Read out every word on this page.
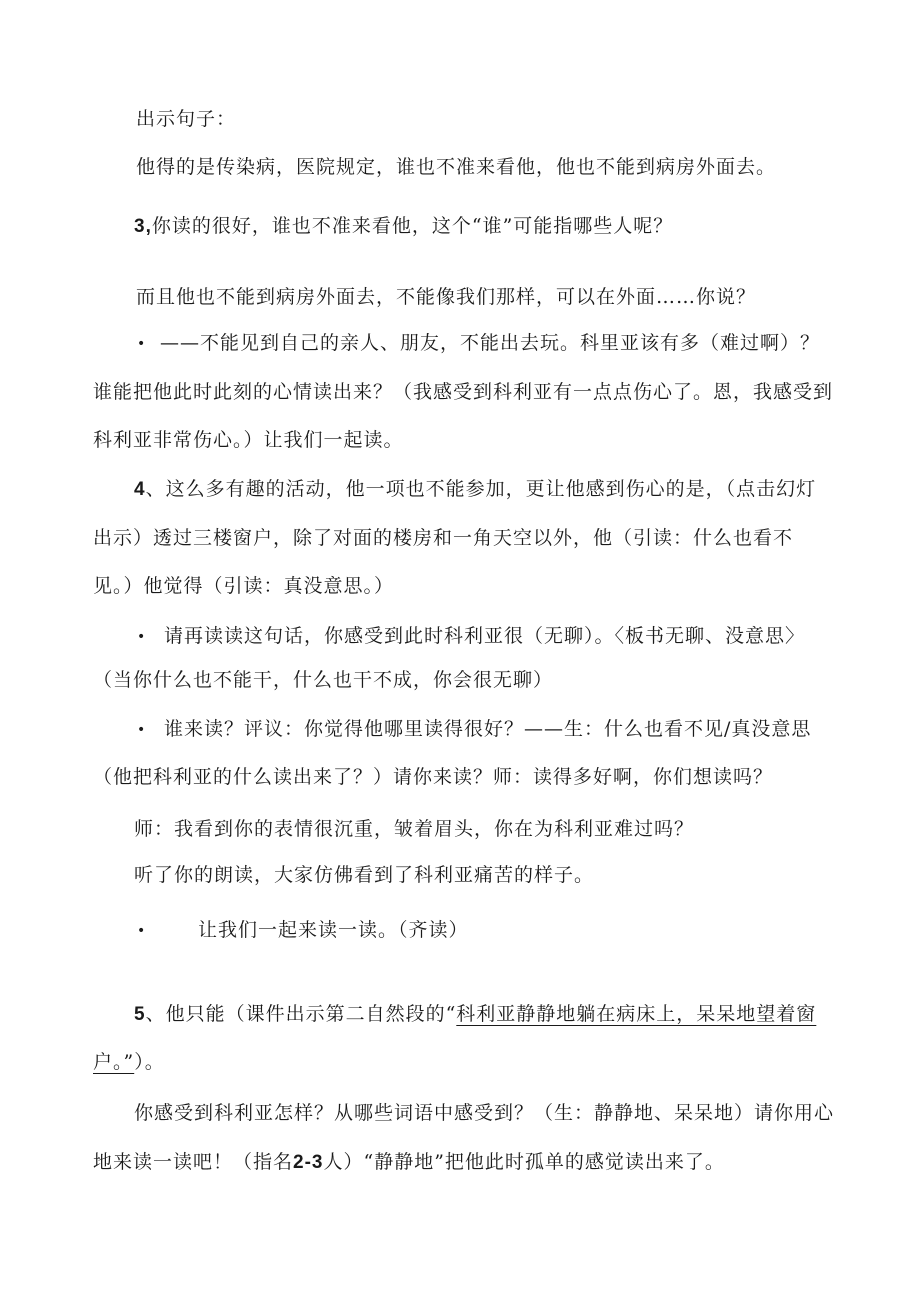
出示句子：
他得的是传染病，医院规定，谁也不准来看他，他也不能到病房外面去。
3,你读的很好，谁也不准来看他，这个“谁”可能指哪些人呢？
而且他也不能到病房外面去，不能像我们那样，可以在外面……你说？
• ——不能见到自己的亲人、朋友，不能出去玩。科里亚该有多（难过啊）？
谁能把他此时此刻的心情读出来？（我感受到科利亚有一点点伤心了。恩，我感受到
科利亚非常伤心。）让我们一起读。
4、这么多有趣的活动，他一项也不能参加，更让他感到伤心的是，（点击幻灯
出示）透过三楼窗户，除了对面的楼房和一角天空以外，他（引读：什么也看不
见。）他觉得（引读：真没意思。）
• 请再读读这句话，你感受到此时科利亚很（无聊）。〈板书无聊、没意思〉
（当你什么也不能干，什么也干不成，你会很无聊）
• 谁来读？评议：你觉得他哪里读得很好？——生：什么也看不见/真没意思
（他把科利亚的什么读出来了？）请你来读？师：读得多好啊，你们想读吗？
师：我看到你的表情很沉重，皱着眉头，你在为科利亚难过吗？
听了你的朗读，大家仿佛看到了科利亚痛苦的样子。
•	让我们一起来读一读。（齐读）
5、他只能（课件出示第二自然段的“科利亚静静地躺在病床上，呆呆地望着窗
户。”）。
你感受到科利亚怎样？从哪些词语中感受到？（生：静静地、呆呆地）请你用心
地来读一读吧！（指名2-3人）“静静地”把他此时孤单的感觉读出来了。
